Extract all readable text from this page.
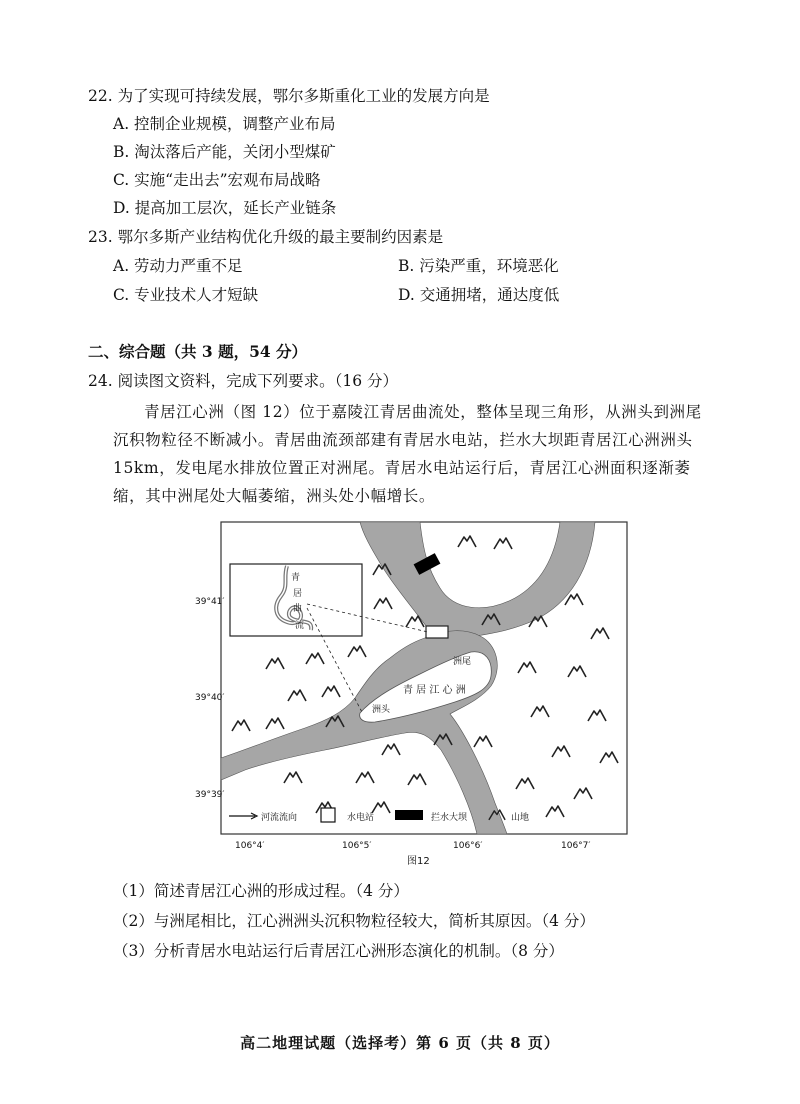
22. 为了实现可持续发展，鄂尔多斯重化工业的发展方向是
A. 控制企业规模，调整产业布局
B. 淘汰落后产能，关闭小型煤矿
C. 实施“走出去”宏观布局战略
D. 提高加工层次，延长产业链条
23. 鄂尔多斯产业结构优化升级的最主要制约因素是
A. 劳动力严重不足	B. 污染严重，环境恶化
C. 专业技术人才短缺	D. 交通拥堵，通达度低
二、综合题（共 3 题，54 分）
24. 阅读图文资料，完成下列要求。（16 分）
青居江心洲（图 12）位于嘉陵江青居曲流处，整体呈现三角形，从洲头到洲尾沉积物粒径不断减小。青居曲流颈部建有青居水电站，拦水大坝距青居江心洲洲头 15km，发电尾水排放位置正对洲尾。青居水电站运行后，青居江心洲面积逐渐萎缩，其中洲尾处大幅萎缩，洲头处小幅增长。
青
居
曲
流
青 居 江 心 洲
洲头
洲尾
河流流向	水电站	拦水大坝	山地
39°41′
39°40′
39°39′
106°4′	106°5′	106°6′	106°7′
图12
（1）简述青居江心洲的形成过程。（4 分）
（2）与洲尾相比，江心洲洲头沉积物粒径较大，简析其原因。（4 分）
（3）分析青居水电站运行后青居江心洲形态演化的机制。（8 分）
高二地理试题（选择考）第 6 页（共 8 页）
